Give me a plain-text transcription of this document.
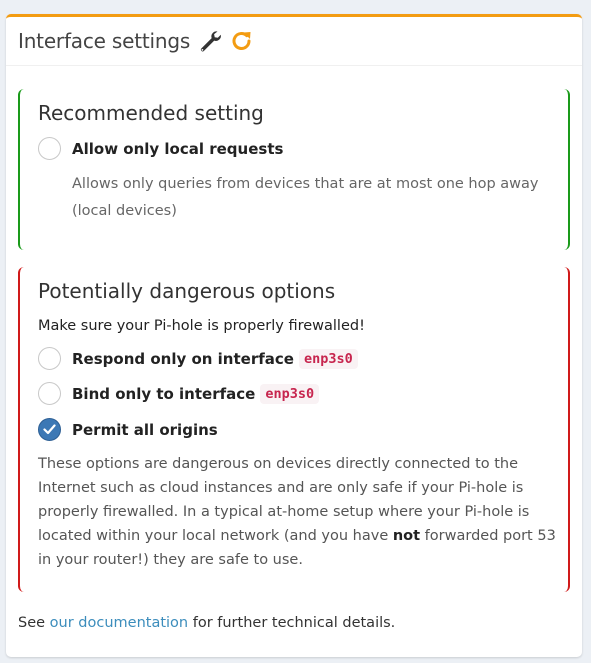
Interface settings
Recommended setting
Allow only local requests
Allows only queries from devices that are at most one hop away
(local devices)
Potentially dangerous options
Make sure your Pi-hole is properly firewalled!
Respond only on interface enp3s0
Bind only to interface enp3s0
Permit all origins
These options are dangerous on devices directly connected to the Internet such as cloud instances and are only safe if your Pi-hole is properly firewalled. In a typical at-home setup where your Pi-hole is located within your local network (and you have not forwarded port 53 in your router!) they are safe to use.
See our documentation for further technical details.
